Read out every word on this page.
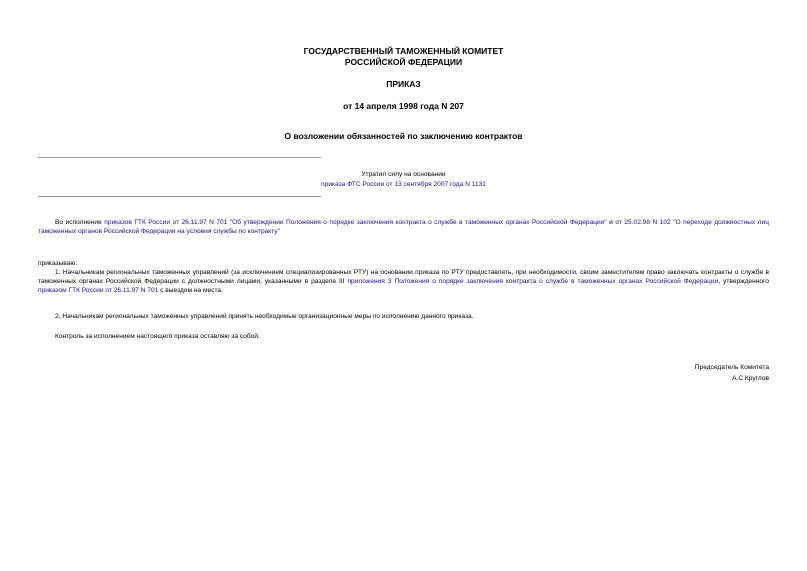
ГОСУДАРСТВЕННЫЙ ТАМОЖЕННЫЙ КОМИТЕТ
РОССИЙСКОЙ ФЕДЕРАЦИИ
ПРИКАЗ
от 14 апреля 1998 года N 207
О возложении обязанностей по заключению контрактов
Утратил силу на основании
приказа ФТС России от 13 сентября 2007 года N 1131
Во исполнение приказов ГТК России от 26.11.97 N 701 "Об утверждении Положения о порядке заключения контракта о службе в таможенных органах Российской Федерации" и от 25.02.98 N 102 "О переходе должностных лиц таможенных органов Российской Федерации на условия службы по контракту"
приказываю:
1. Начальникам региональных таможенных управлений (за исключением специализированных РТУ) на основании приказа по РТУ предоставлять, при необходимости, своим заместителям право заключать контракты о службе в таможенных органах Российской Федерации с должностными лицами, указанными в разделе III приложения 3 Положения о порядке заключения контракта о службе в таможенных органах Российской Федерации, утвержденного приказом ГТК России от 26.11.97 N 701 с выездом на места.
2. Начальникам региональных таможенных управлений принять необходимые организационные меры по исполнению данного приказа.
Контроль за исполнением настоящего приказа оставляю за собой.
Председатель Комитета
А.С.Круглов
